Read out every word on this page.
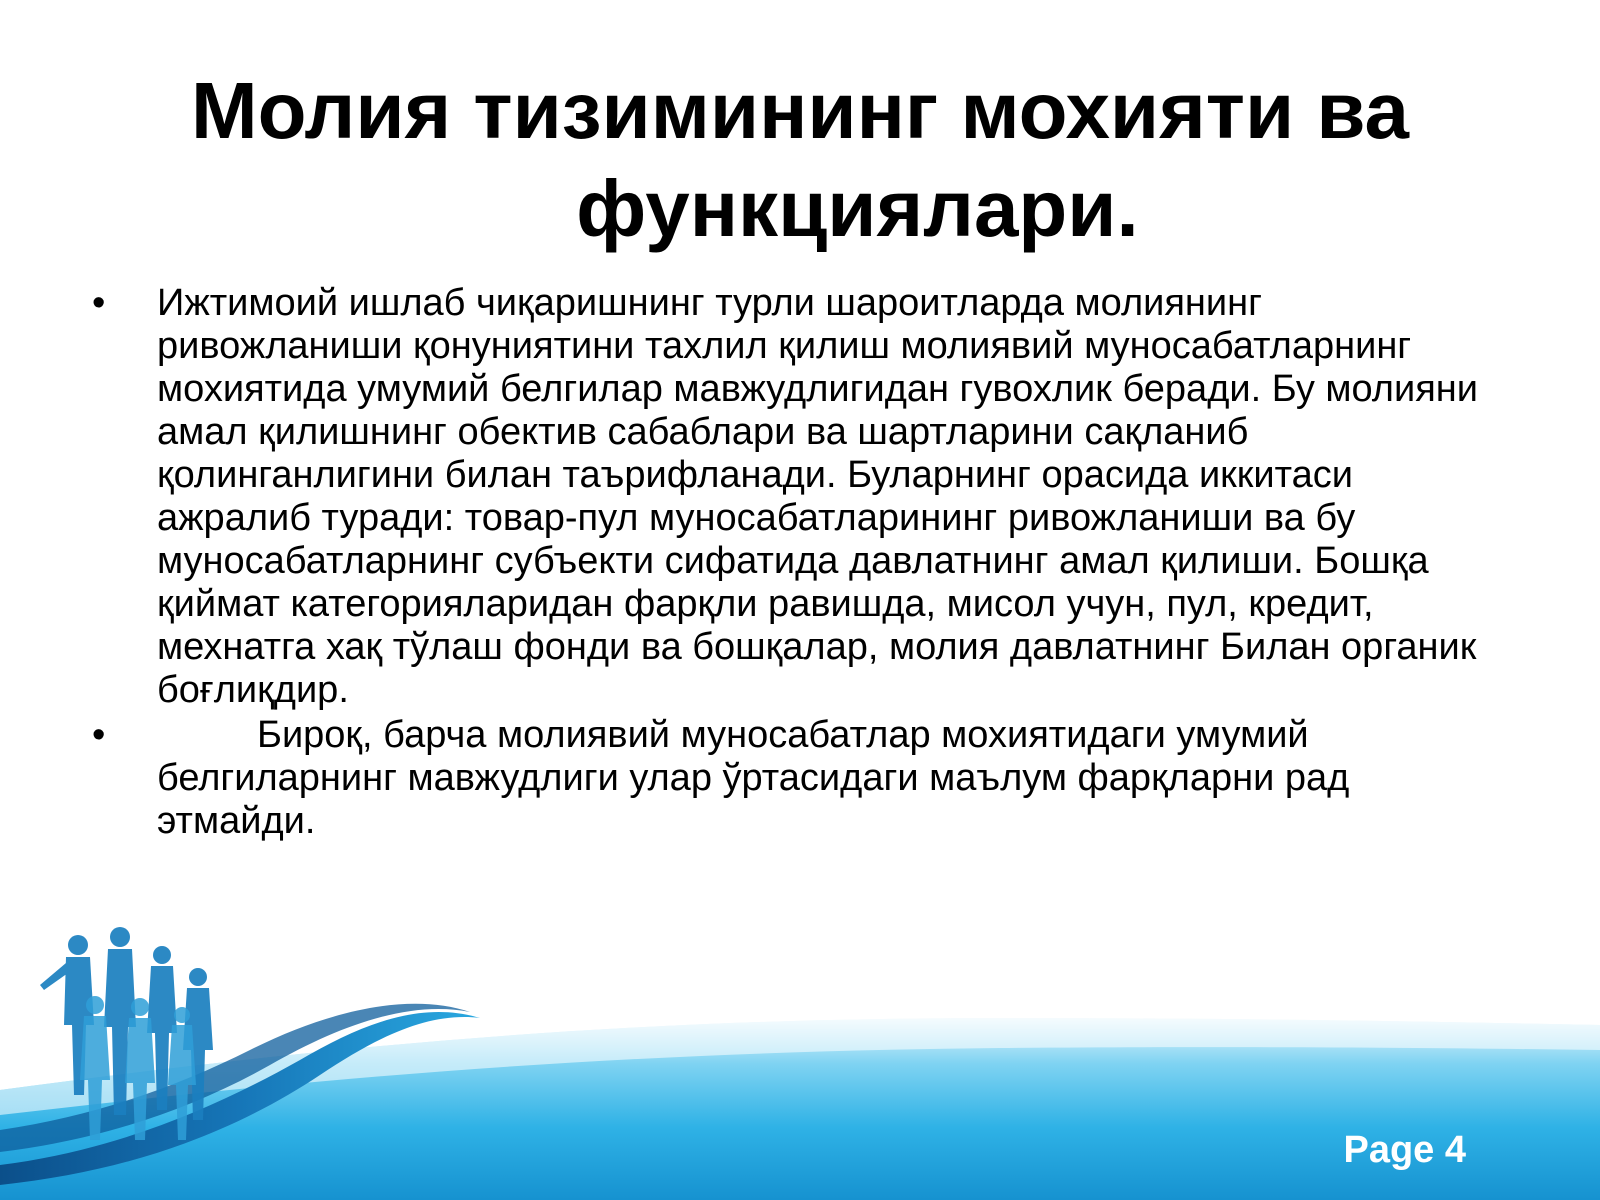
Молия тизимининг мохияти ва
функциялари.
•	Ижтимоий ишлаб чиқаришнинг турли шароитларда молиянинг ривожланиши қонуниятини тахлил қилиш молиявий муносабатларнинг мохиятида умумий белгилар мавжудлигидан гувохлик беради. Бу молияни амал қилишнинг обектив сабаблари ва шартларини сақланиб қолинганлигини билан таърифланади. Буларнинг орасида иккитаси ажралиб туради: товар-пул муносабатларининг ривожланиши ва бу муносабатларнинг субъекти сифатида давлатнинг амал қилиши. Бошқа қиймат категорияларидан фарқли равишда, мисол учун, пул, кредит, мехнатга хақ тўлаш фонди ва бошқалар, молия давлатнинг Билан органик боғлиқдир.
•	Бироқ, барча молиявий муносабатлар мохиятидаги умумий белгиларнинг мавжудлиги улар ўртасидаги маълум фарқларни рад этмайди.
Page 4
